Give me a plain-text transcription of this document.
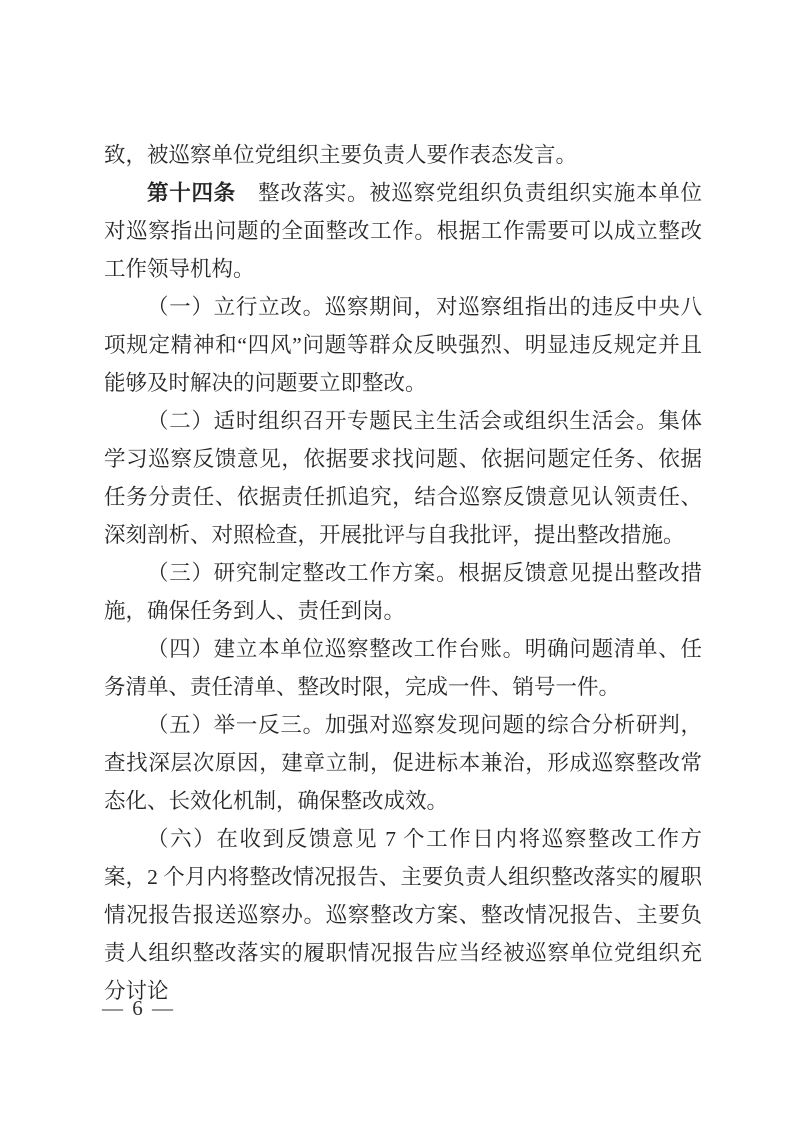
致，被巡察单位党组织主要负责人要作表态发言。

第十四条　整改落实。被巡察党组织负责组织实施本单位对巡察指出问题的全面整改工作。根据工作需要可以成立整改工作领导机构。

（一）立行立改。巡察期间，对巡察组指出的违反中央八项规定精神和“四风”问题等群众反映强烈、明显违反规定并且能够及时解决的问题要立即整改。

（二）适时组织召开专题民主生活会或组织生活会。集体学习巡察反馈意见，依据要求找问题、依据问题定任务、依据任务分责任、依据责任抓追究，结合巡察反馈意见认领责任、深刻剖析、对照检查，开展批评与自我批评，提出整改措施。

（三）研究制定整改工作方案。根据反馈意见提出整改措施，确保任务到人、责任到岗。

（四）建立本单位巡察整改工作台账。明确问题清单、任务清单、责任清单、整改时限，完成一件、销号一件。

（五）举一反三。加强对巡察发现问题的综合分析研判，查找深层次原因，建章立制，促进标本兼治，形成巡察整改常态化、长效化机制，确保整改成效。

（六）在收到反馈意见 7 个工作日内将巡察整改工作方案，2 个月内将整改情况报告、主要负责人组织整改落实的履职情况报告报送巡察办。巡察整改方案、整改情况报告、主要负责人组织整改落实的履职情况报告应当经被巡察单位党组织充分讨论

— 6 —
